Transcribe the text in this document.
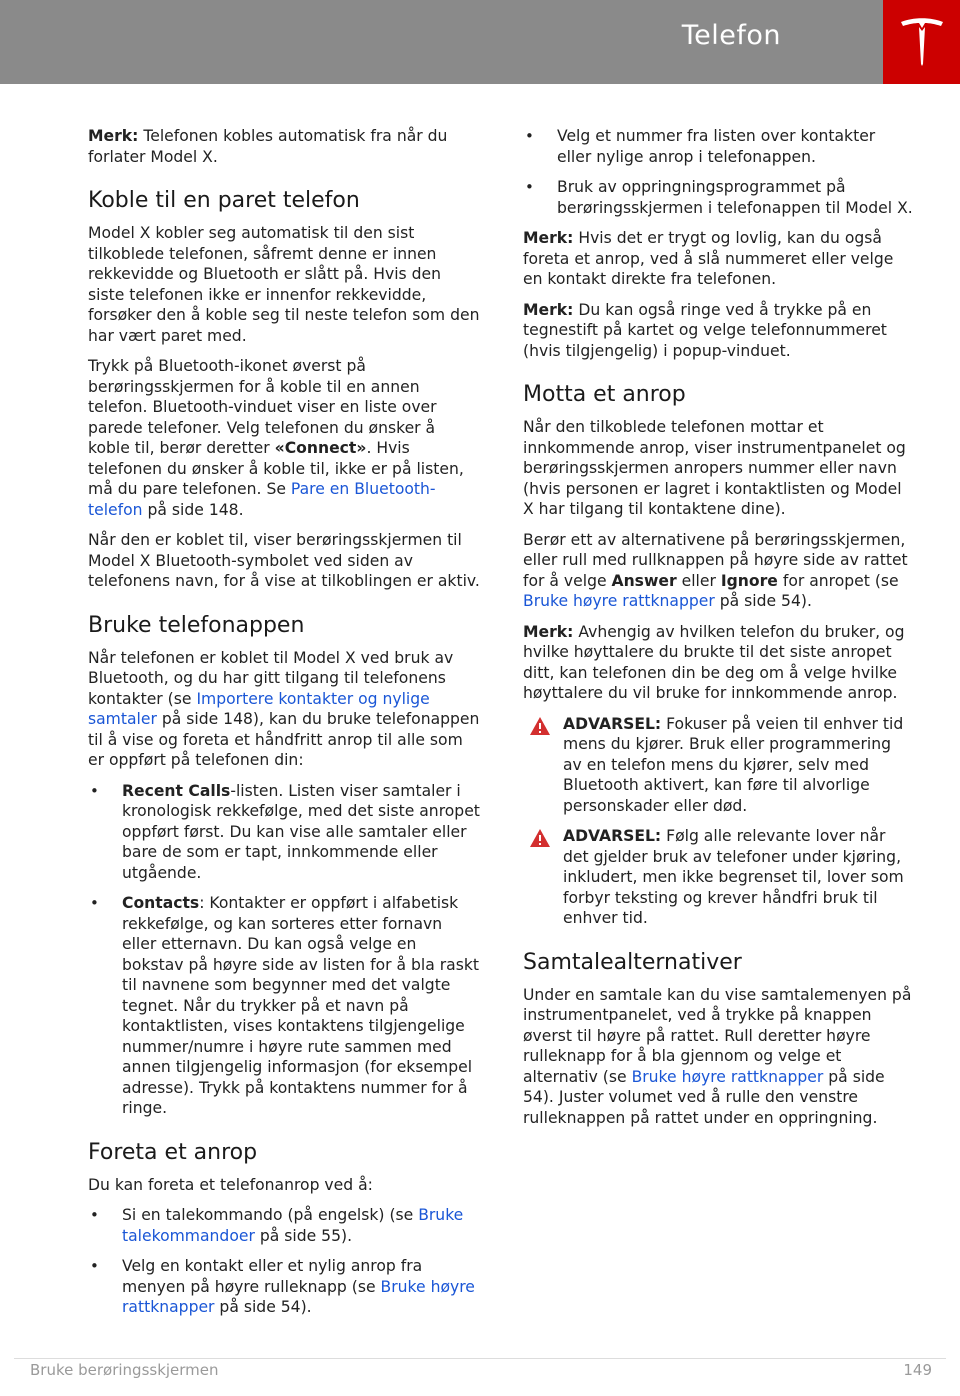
Telefon

Merk: Telefonen kobles automatisk fra når du forlater Model X.

Koble til en paret telefon

Model X kobler seg automatisk til den sist tilkoblede telefonen, såfremt denne er innen rekkevidde og Bluetooth er slått på. Hvis den siste telefonen ikke er innenfor rekkevidde, forsøker den å koble seg til neste telefon som den har vært paret med.

Trykk på Bluetooth-ikonet øverst på berøringsskjermen for å koble til en annen telefon. Bluetooth-vinduet viser en liste over parede telefoner. Velg telefonen du ønsker å koble til, berør deretter «Connect». Hvis telefonen du ønsker å koble til, ikke er på listen, må du pare telefonen. Se Pare en Bluetooth-telefon på side 148.

Når den er koblet til, viser berøringsskjermen til Model X Bluetooth-symbolet ved siden av telefonens navn, for å vise at tilkoblingen er aktiv.

Bruke telefonappen

Når telefonen er koblet til Model X ved bruk av Bluetooth, og du har gitt tilgang til telefonens kontakter (se Importere kontakter og nylige samtaler på side 148), kan du bruke telefonappen til å vise og foreta et håndfritt anrop til alle som er oppført på telefonen din:

• Recent Calls-listen. Listen viser samtaler i kronologisk rekkefølge, med det siste anropet oppført først. Du kan vise alle samtaler eller bare de som er tapt, innkommende eller utgående.
• Contacts: Kontakter er oppført i alfabetisk rekkefølge, og kan sorteres etter fornavn eller etternavn. Du kan også velge en bokstav på høyre side av listen for å bla raskt til navnene som begynner med det valgte tegnet. Når du trykker på et navn på kontaktlisten, vises kontaktens tilgjengelige nummer/numre i høyre rute sammen med annen tilgjengelig informasjon (for eksempel adresse). Trykk på kontaktens nummer for å ringe.
Foreta et anrop

Du kan foreta et telefonanrop ved å:

• Si en talekommando (på engelsk) (se Bruke talekommandoer på side 55).
• Velg en kontakt eller et nylig anrop fra menyen på høyre rulleknapp (se Bruke høyre rattknapper på side 54).
• Velg et nummer fra listen over kontakter eller nylige anrop i telefonappen.
• Bruk av oppringningsprogrammet på berøringsskjermen i telefonappen til Model X.

Merk: Hvis det er trygt og lovlig, kan du også foreta et anrop, ved å slå nummeret eller velge en kontakt direkte fra telefonen.

Merk: Du kan også ringe ved å trykke på en tegnestift på kartet og velge telefonnummeret (hvis tilgjengelig) i popup-vinduet.

Motta et anrop

Når den tilkoblede telefonen mottar et innkommende anrop, viser instrumentpanelet og berøringsskjermen anropers nummer eller navn (hvis personen er lagret i kontaktlisten og Model X har tilgang til kontaktene dine).

Berør ett av alternativene på berøringsskjermen, eller rull med rullknappen på høyre side av rattet for å velge Answer eller Ignore for anropet (se Bruke høyre rattknapper på side 54).

Merk: Avhengig av hvilken telefon du bruker, og hvilke høyttalere du brukte til det siste anropet ditt, kan telefonen din be deg om å velge hvilke høyttalere du vil bruke for innkommende anrop.

ADVARSEL: Fokuser på veien til enhver tid mens du kjører. Bruk eller programmering av en telefon mens du kjører, selv med Bluetooth aktivert, kan føre til alvorlige personskader eller død.
ADVARSEL: Følg alle relevante lover når det gjelder bruk av telefoner under kjøring, inkludert, men ikke begrenset til, lover som forbyr teksting og krever håndfri bruk til enhver tid.
Samtalealternativer

Under en samtale kan du vise samtalemenyen på instrumentpanelet, ved å trykke på knappen øverst til høyre på rattet. Rull deretter høyre rulleknapp for å bla gjennom og velge et alternativ (se Bruke høyre rattknapper på side 54). Juster volumet ved å rulle den venstre rulleknappen på rattet under en oppringning.

Bruke berøringsskjermen	149
